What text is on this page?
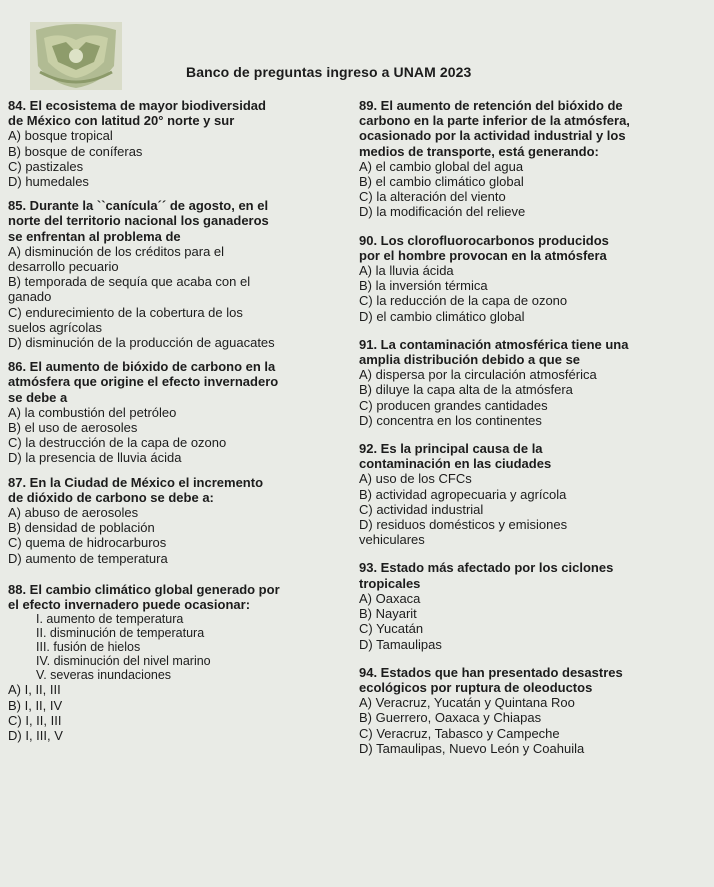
Banco de preguntas ingreso a UNAM 2023
84. El ecosistema de mayor biodiversidad
de México con latitud 20° norte y sur
A) bosque tropical
B) bosque de coníferas
C) pastizales
D) humedales
85. Durante la ``canícula´´ de agosto, en el
norte del territorio nacional los ganaderos
se enfrentan al problema de
A) disminución de los créditos para el
desarrollo pecuario
B) temporada de sequía que acaba con el
ganado
C) endurecimiento de la cobertura de los
suelos agrícolas
D) disminución de la producción de aguacates
86. El aumento de bióxido de carbono en la
atmósfera que origine el efecto invernadero
se debe a
A) la combustión del petróleo
B) el uso de aerosoles
C) la destrucción de la capa de ozono
D) la presencia de lluvia ácida
87. En la Ciudad de México el incremento
de dióxido de carbono se debe a:
A) abuso de aerosoles
B) densidad de población
C) quema de hidrocarburos
D) aumento de temperatura
88. El cambio climático global generado por
el efecto invernadero puede ocasionar:
I. aumento de temperatura
II. disminución de temperatura
III. fusión de hielos
IV. disminución del nivel marino
V. severas inundaciones
A) I, II, III
B) I, II, IV
C) I, II, III
D) I, III, V
89. El aumento de retención del bióxido de
carbono en la parte inferior de la atmósfera,
ocasionado por la actividad industrial y los
medios de transporte, está generando:
A) el cambio global del agua
B) el cambio climático global
C) la alteración del viento
D) la modificación del relieve
90. Los clorofluorocarbonos producidos
por el hombre provocan en la atmósfera
A) la lluvia ácida
B) la inversión térmica
C) la reducción de la capa de ozono
D) el cambio climático global
91. La contaminación atmosférica tiene una
amplia distribución debido a que se
A) dispersa por la circulación atmosférica
B) diluye la capa alta de la atmósfera
C) producen grandes cantidades
D) concentra en los continentes
92. Es la principal causa de la
contaminación en las ciudades
A) uso de los CFCs
B) actividad agropecuaria y agrícola
C) actividad industrial
D) residuos domésticos y emisiones
vehiculares
93. Estado más afectado por los ciclones
tropicales
A) Oaxaca
B) Nayarit
C) Yucatán
D) Tamaulipas
94. Estados que han presentado desastres
ecológicos por ruptura de oleoductos
A) Veracruz, Yucatán y Quintana Roo
B) Guerrero, Oaxaca y Chiapas
C) Veracruz, Tabasco y Campeche
D) Tamaulipas, Nuevo León y Coahuila
